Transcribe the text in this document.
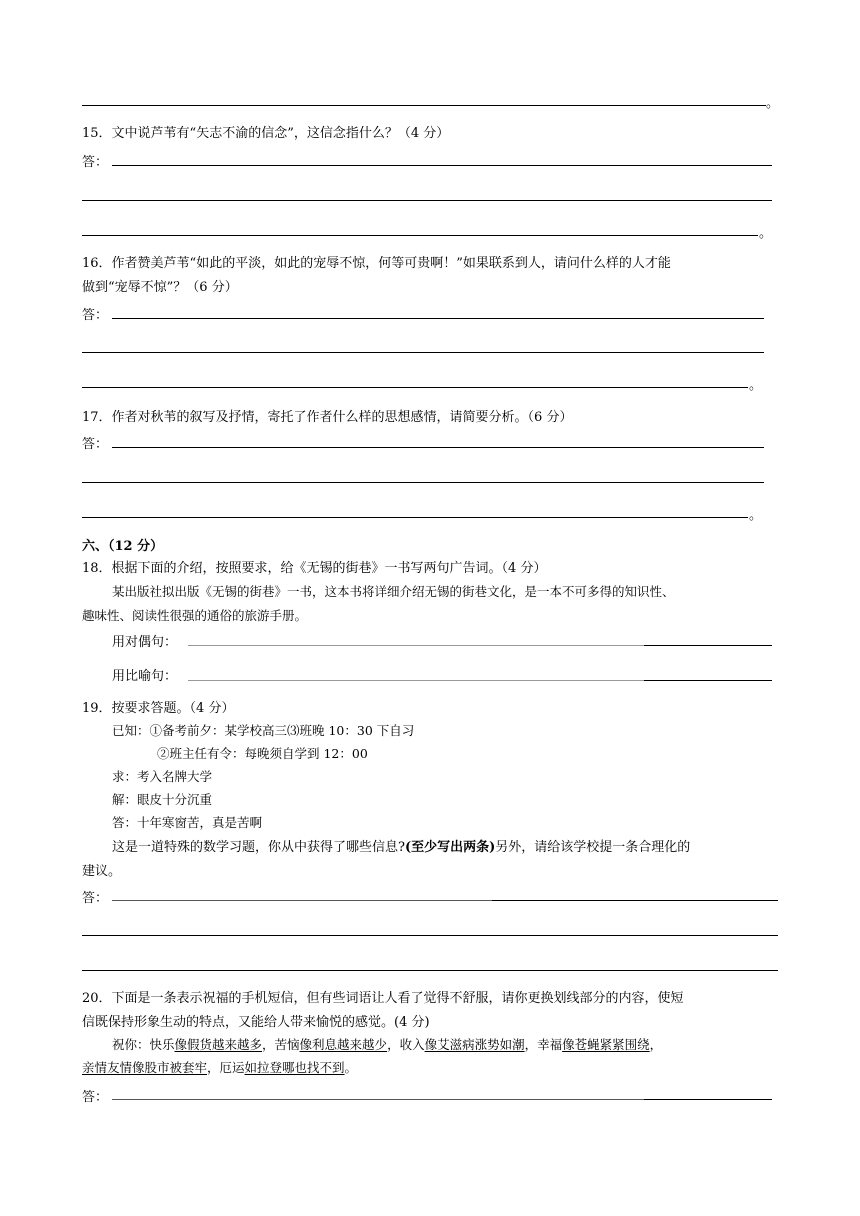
。
15．文中说芦苇有“矢志不渝的信念”，这信念指什么？（4 分）
答：
。
16．作者赞美芦苇“如此的平淡，如此的宠辱不惊，何等可贵啊！”如果联系到人，请问什么样的人才能
做到“宠辱不惊”？（6 分）
答：
。
17．作者对秋苇的叙写及抒情，寄托了作者什么样的思想感情，请简要分析。（6 分）
答：
。
六、（12 分）
18．根据下面的介绍，按照要求，给《无锡的街巷》一书写两句广告词。（4 分）
某出版社拟出版《无锡的街巷》一书，这本书将详细介绍无锡的街巷文化，是一本不可多得的知识性、
趣味性、阅读性很强的通俗的旅游手册。
用对偶句：
用比喻句：
19．按要求答题。（4 分）
已知：①备考前夕：某学校高三⑶班晚 10：30 下自习
②班主任有令：每晚须自学到 12：00
求：考入名牌大学
解：眼皮十分沉重
答：十年寒窗苦，真是苦啊
这是一道特殊的数学习题，你从中获得了哪些信息?(至少写出两条)另外，请给该学校提一条合理化的
建议。
答：
20．下面是一条表示祝福的手机短信，但有些词语让人看了觉得不舒服，请你更换划线部分的内容，使短
信既保持形象生动的特点，又能给人带来愉悦的感觉。(4 分)
祝你：快乐像假货越来越多，苦恼像利息越来越少，收入像艾滋病涨势如潮，幸福像苍蝇紧紧围绕，
亲情友情像股市被套牢，厄运如拉登哪也找不到。
答：
